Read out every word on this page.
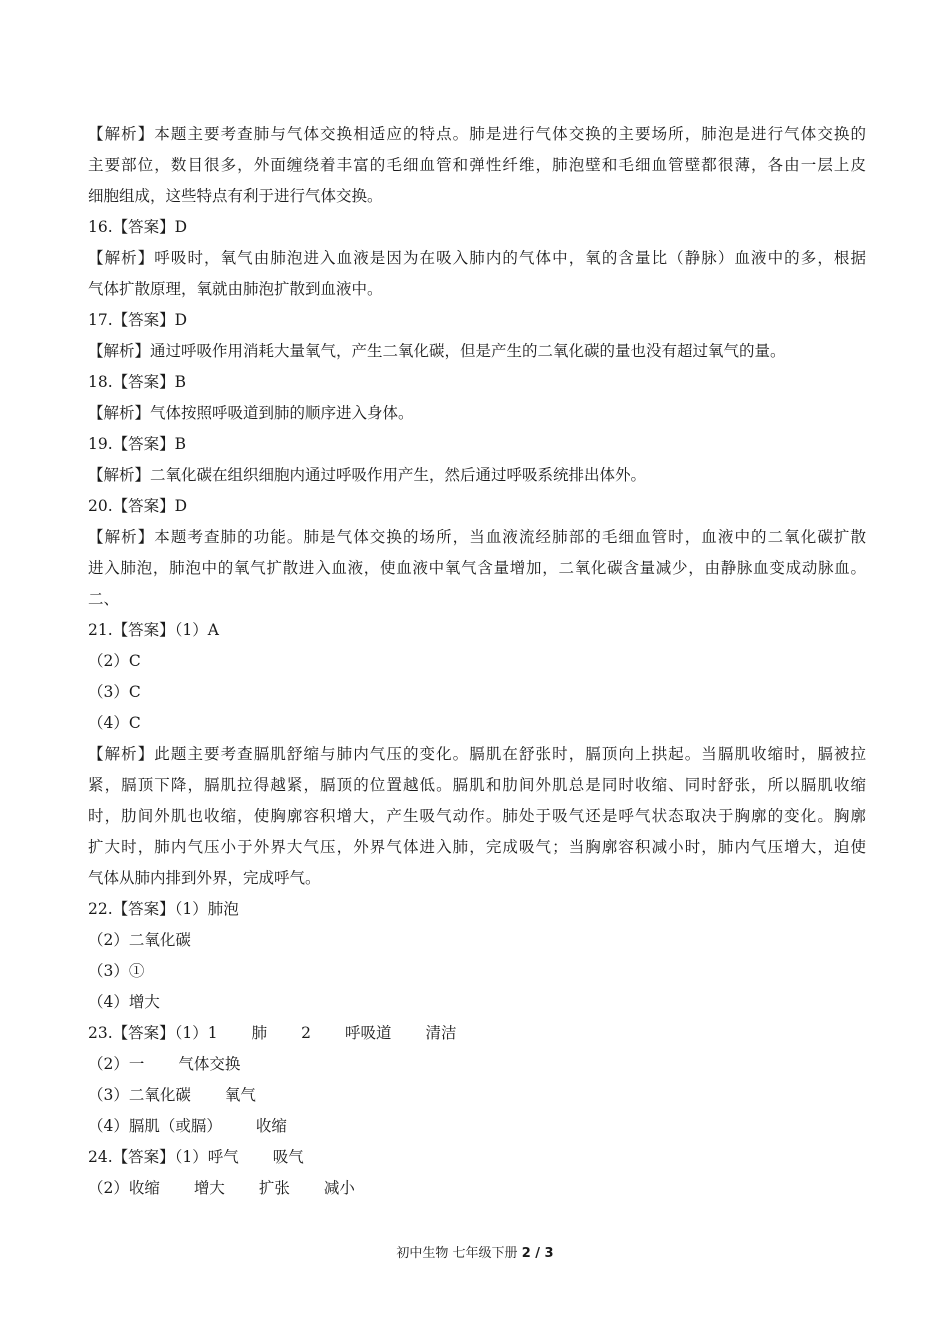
【解析】本题主要考查肺与气体交换相适应的特点。肺是进行气体交换的主要场所，肺泡是进行气体交换的
主要部位，数目很多，外面缠绕着丰富的毛细血管和弹性纤维，肺泡壁和毛细血管壁都很薄，各由一层上皮
细胞组成，这些特点有利于进行气体交换。
16.【答案】D
【解析】呼吸时，氧气由肺泡进入血液是因为在吸入肺内的气体中，氧的含量比（静脉）血液中的多，根据
气体扩散原理，氧就由肺泡扩散到血液中。
17.【答案】D
【解析】通过呼吸作用消耗大量氧气，产生二氧化碳，但是产生的二氧化碳的量也没有超过氧气的量。
18.【答案】B
【解析】气体按照呼吸道到肺的顺序进入身体。
19.【答案】B
【解析】二氧化碳在组织细胞内通过呼吸作用产生，然后通过呼吸系统排出体外。
20.【答案】D
【解析】本题考查肺的功能。肺是气体交换的场所，当血液流经肺部的毛细血管时，血液中的二氧化碳扩散
进入肺泡，肺泡中的氧气扩散进入血液，使血液中氧气含量增加，二氧化碳含量减少，由静脉血变成动脉血。
二、
21.【答案】（1）A
（2）C
（3）C
（4）C
【解析】此题主要考查膈肌舒缩与肺内气压的变化。膈肌在舒张时，膈顶向上拱起。当膈肌收缩时，膈被拉
紧，膈顶下降，膈肌拉得越紧，膈顶的位置越低。膈肌和肋间外肌总是同时收缩、同时舒张，所以膈肌收缩
时，肋间外肌也收缩，使胸廓容积增大，产生吸气动作。肺处于吸气还是呼气状态取决于胸廓的变化。胸廓
扩大时，肺内气压小于外界大气压，外界气体进入肺，完成吸气；当胸廓容积减小时，肺内气压增大，迫使
气体从肺内排到外界，完成呼气。
22.【答案】（1）肺泡
（2）二氧化碳
（3）①
（4）增大
23.【答案】（1）1 肺 2 呼吸道 清洁
（2）一 气体交换
（3）二氧化碳 氧气
（4）膈肌（或膈） 收缩
24.【答案】（1）呼气 吸气
（2）收缩 增大 扩张 减小
初中生物 七年级下册 2 / 3
